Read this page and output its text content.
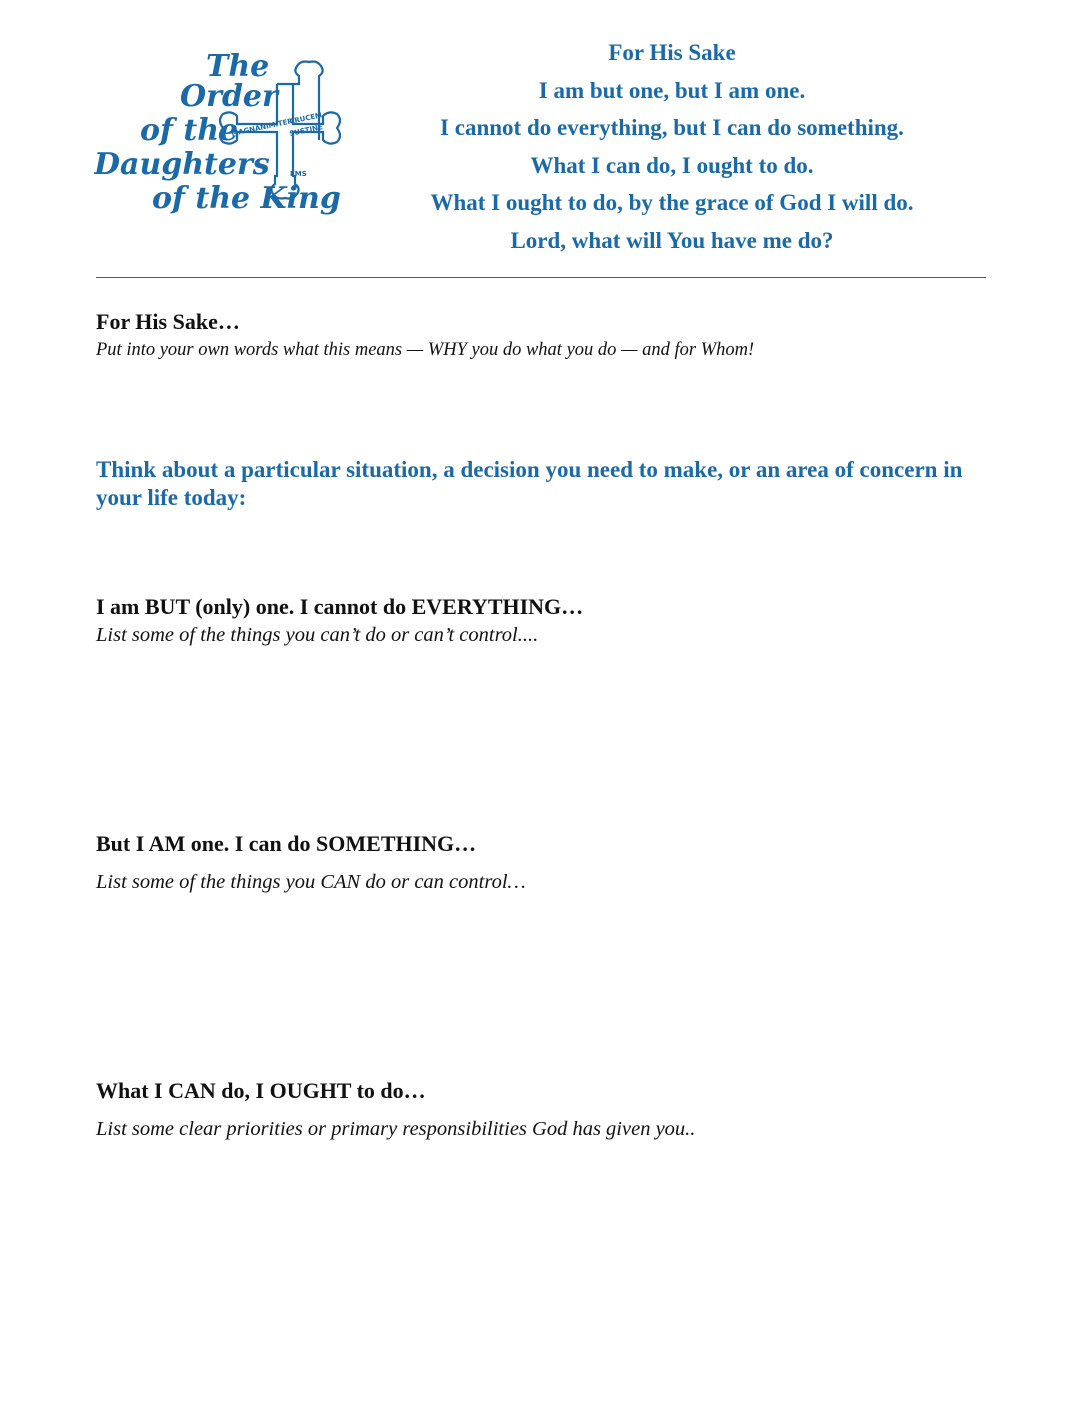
MAGNANIMITER
CRUCEM
SUSTINE
FMS
The
Order
of the
Daughters
of the King
For His Sake
I am but one, but I am one.
I cannot do everything, but I can do something.
What I can do, I ought to do.
What I ought to do, by the grace of God I will do.
Lord, what will You have me do?
For His Sake…
Put into your own words what this means — WHY you do what you do — and for Whom!
Think about a particular situation, a decision you need to make, or an area of concern in your life today:
I am BUT (only) one. I cannot do EVERYTHING…
List some of the things you can’t do or can’t control....
But I AM one. I can do SOMETHING…
List some of the things you CAN do or can control…
What I CAN do, I OUGHT to do…
List some clear priorities or primary responsibilities God has given you..
